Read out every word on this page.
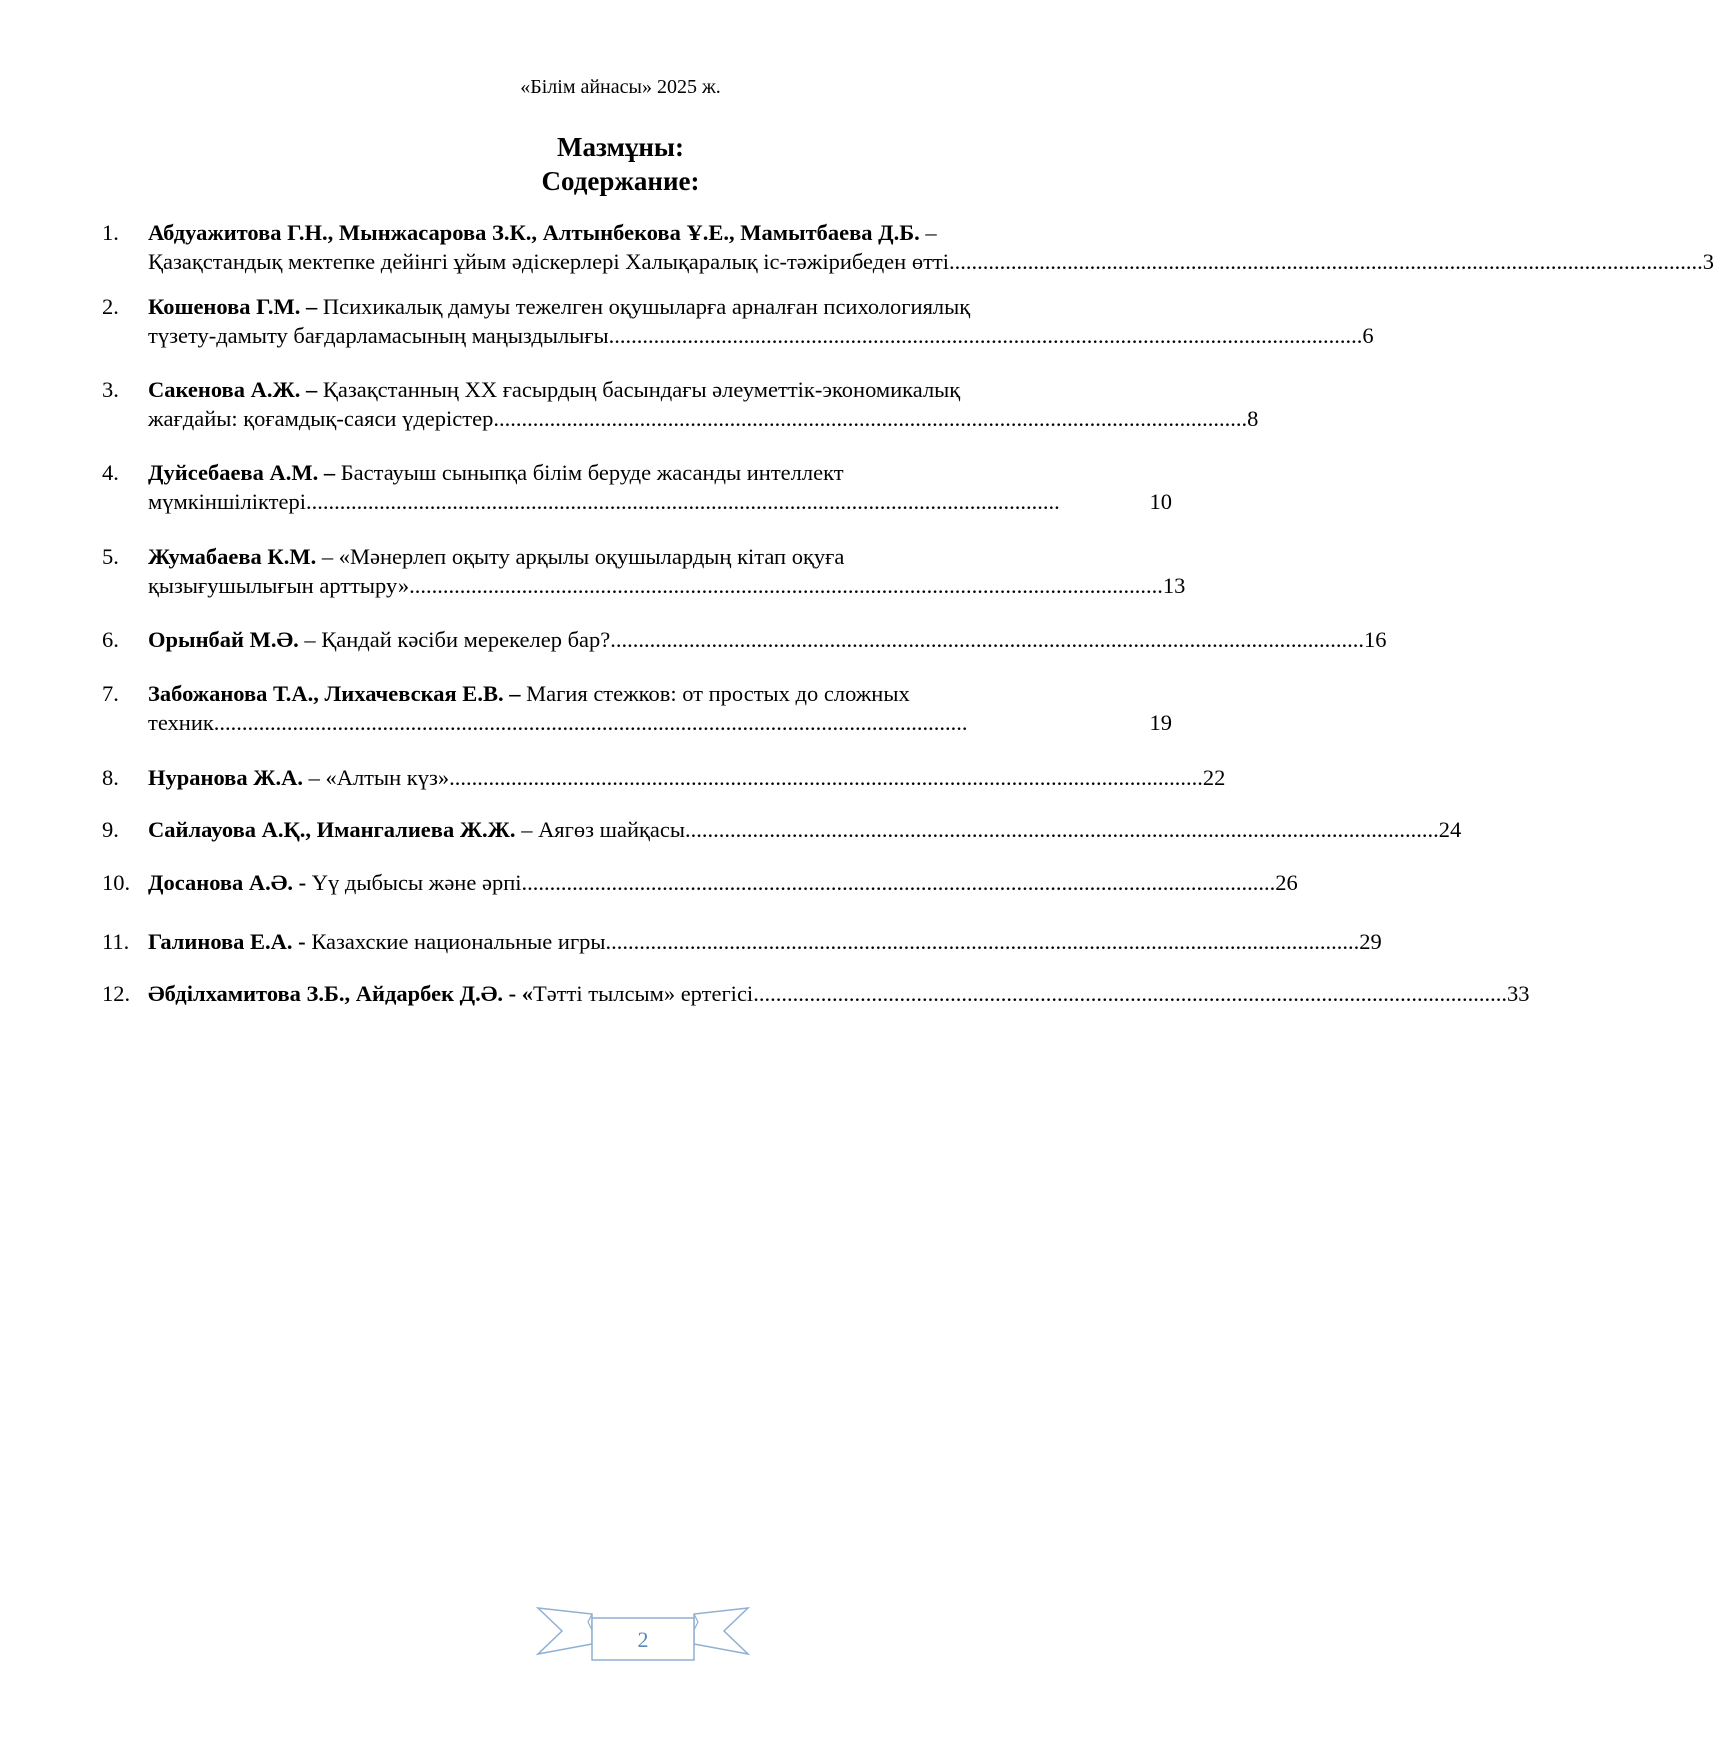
«Білім айнасы» 2025 ж.
Мазмұны:
Содержание:
1.	Абдуажитова Г.Н., Мынжасарова З.К., Алтынбекова Ұ.Е., Мамытбаева Д.Б. –
Қазақстандық мектепке дейінгі ұйым әдіскерлері Халықаралық іс-тәжірибеден өтті ...................................................................................................................................... 3
2.	Кошенова Г.М. – Психикалық дамуы тежелген оқушыларға арналған психологиялық
түзету-дамыту бағдарламасының маңыздылығы ...................................................................................................................................... 6
3.	Сакенова А.Ж. – Қазақстанның XX ғасырдың басындағы әлеуметтік-экономикалық
жағдайы: қоғамдық-саяси үдерістер ...................................................................................................................................... 8
4.	Дуйсебаева А.М. – Бастауыш сыныпқа білім беруде жасанды интеллект
мүмкіншіліктері ......................................................................................................................................	10
5.	Жумабаева К.М. – «Мәнерлеп оқыту арқылы оқушылардың кітап оқуға
қызығушылығын арттыру» ...................................................................................................................................... 13
6.	Орынбай М.Ә. – Қандай кәсіби мерекелер бар? ...................................................................................................................................... 16
7.	Забожанова Т.А., Лихачевская Е.В. – Магия стежков: от простых до сложных
техник ......................................................................................................................................	19
8.	Нуранова Ж.А. – «Алтын күз» ...................................................................................................................................... 22
9.	Сайлауова А.Қ., Имангалиева Ж.Ж. – Аягөз шайқасы ...................................................................................................................................... 24
10. Досанова А.Ә. - Үү дыбысы және әрпі ...................................................................................................................................... 26
11. Галинова Е.А. - Казахские национальные игры ...................................................................................................................................... 29
12. Әбділхамитова З.Б., Айдарбек Д.Ә. - «Тәтті тылсым» ертегісі ...................................................................................................................................... 33
2
